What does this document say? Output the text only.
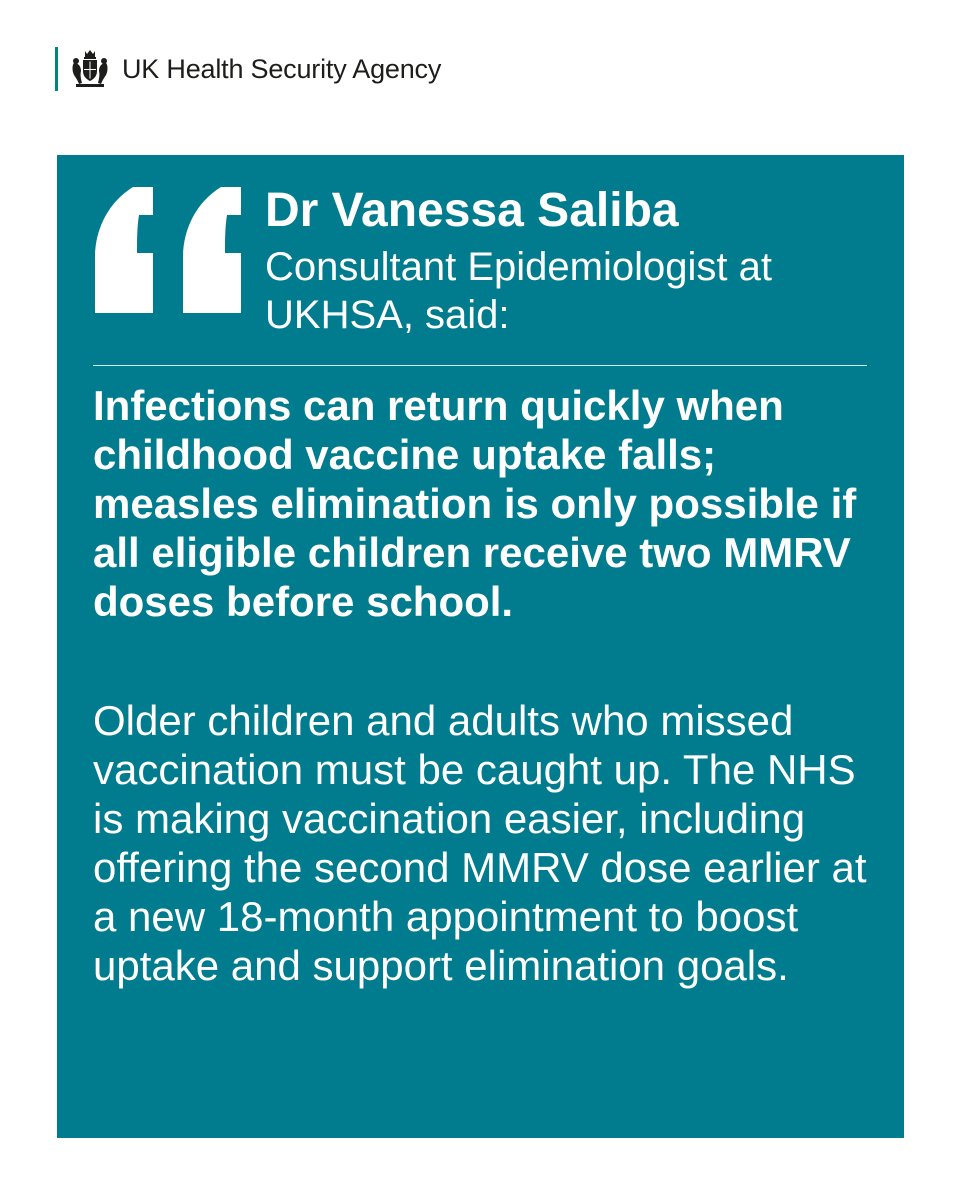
UK Health Security Agency
Dr Vanessa Saliba
Consultant Epidemiologist at UKHSA, said:

Infections can return quickly when childhood vaccine uptake falls; measles elimination is only possible if all eligible children receive two MMRV doses before school.

Older children and adults who missed vaccination must be caught up. The NHS is making vaccination easier, including offering the second MMRV dose earlier at a new 18-month appointment to boost uptake and support elimination goals.
